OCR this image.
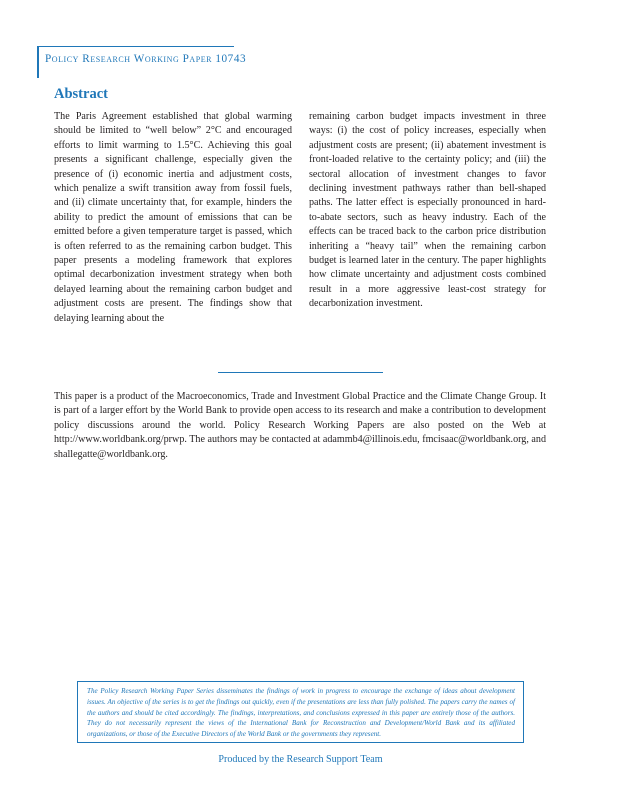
Policy Research Working Paper 10743
Abstract
The Paris Agreement established that global warming should be limited to “well below” 2°C and encouraged efforts to limit warming to 1.5°C. Achieving this goal presents a significant challenge, especially given the presence of (i) economic inertia and adjustment costs, which penalize a swift transition away from fossil fuels, and (ii) climate uncertainty that, for example, hinders the ability to predict the amount of emissions that can be emitted before a given temperature target is passed, which is often referred to as the remaining carbon budget. This paper presents a modeling framework that explores optimal decarbonization investment strategy when both delayed learning about the remaining carbon budget and adjustment costs are present. The findings show that delaying learning about the
remaining carbon budget impacts investment in three ways: (i) the cost of policy increases, especially when adjustment costs are present; (ii) abatement investment is front-loaded relative to the certainty policy; and (iii) the sectoral allocation of investment changes to favor declining investment pathways rather than bell-shaped paths. The latter effect is especially pronounced in hard-to-abate sectors, such as heavy industry. Each of the effects can be traced back to the carbon price distribution inheriting a “heavy tail” when the remaining carbon budget is learned later in the century. The paper highlights how climate uncertainty and adjustment costs combined result in a more aggressive least-cost strategy for decarbonization investment.
This paper is a product of the Macroeconomics, Trade and Investment Global Practice and the Climate Change Group. It is part of a larger effort by the World Bank to provide open access to its research and make a contribution to development policy discussions around the world. Policy Research Working Papers are also posted on the Web at http://www.worldbank.org/prwp. The authors may be contacted at adammb4@illinois.edu, fmcisaac@worldbank.org, and shallegatte@worldbank.org.
The Policy Research Working Paper Series disseminates the findings of work in progress to encourage the exchange of ideas about development issues. An objective of the series is to get the findings out quickly, even if the presentations are less than fully polished. The papers carry the names of the authors and should be cited accordingly. The findings, interpretations, and conclusions expressed in this paper are entirely those of the authors. They do not necessarily represent the views of the International Bank for Reconstruction and Development/World Bank and its affiliated organizations, or those of the Executive Directors of the World Bank or the governments they represent.
Produced by the Research Support Team
